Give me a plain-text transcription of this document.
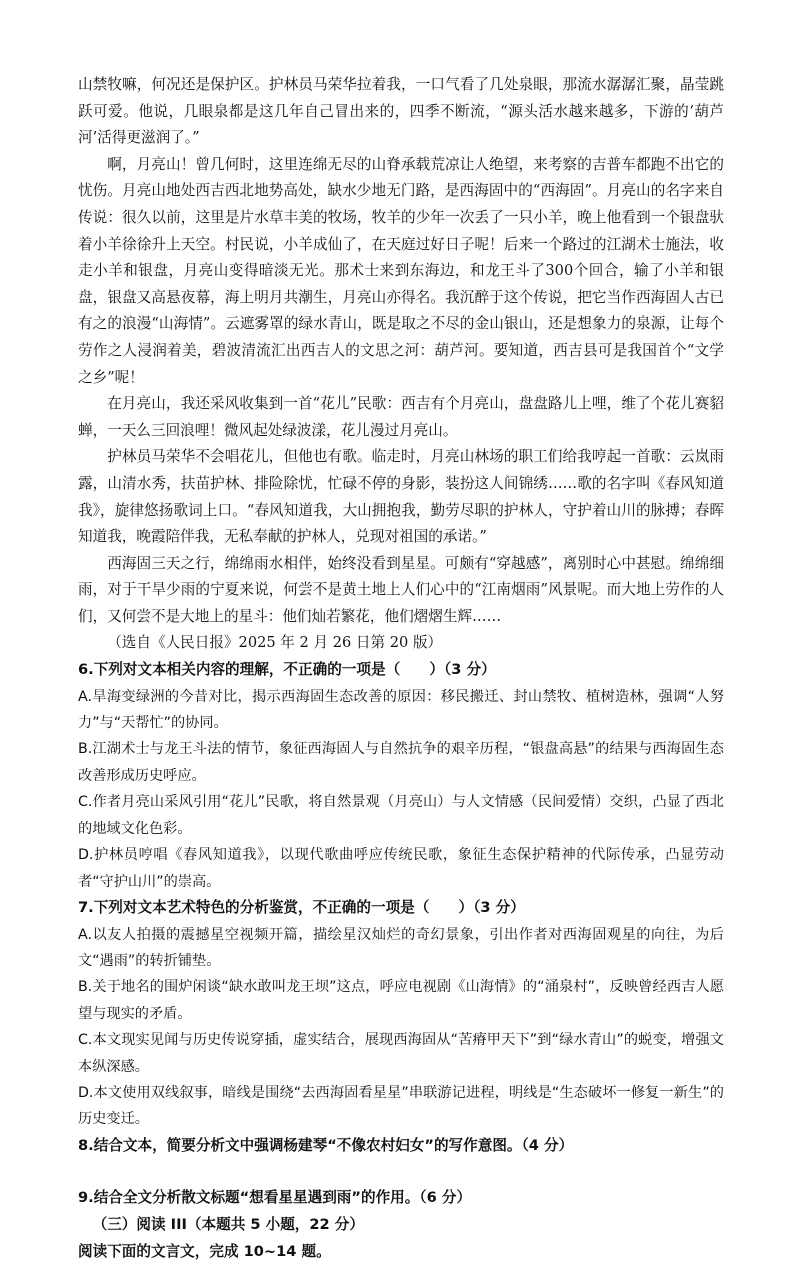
山禁牧嘛，何况还是保护区。护林员马荣华拉着我，一口气看了几处泉眼，那流水潺潺汇聚，晶莹跳跃可爱。他说，几眼泉都是这几年自己冒出来的，四季不断流，“源头活水越来越多，下游的‘葫芦河’活得更滋润了。”

啊，月亮山！曾几何时，这里连绵无尽的山脊承载荒凉让人绝望，来考察的吉普车都跑不出它的忧伤。月亮山地处西吉西北地势高处，缺水少地无门路，是西海固中的“西海固”。月亮山的名字来自传说：很久以前，这里是片水草丰美的牧场，牧羊的少年一次丢了一只小羊，晚上他看到一个银盘驮着小羊徐徐升上天空。村民说，小羊成仙了，在天庭过好日子呢！后来一个路过的江湖术士施法，收走小羊和银盘，月亮山变得暗淡无光。那术士来到东海边，和龙王斗了300个回合，输了小羊和银盘，银盘又高悬夜幕，海上明月共潮生，月亮山亦得名。我沉醉于这个传说，把它当作西海固人古已有之的浪漫“山海情”。云遮雾罩的绿水青山，既是取之不尽的金山银山，还是想象力的泉源，让每个劳作之人浸润着美，碧波清流汇出西吉人的文思之河：葫芦河。要知道，西吉县可是我国首个“文学之乡”呢！

在月亮山，我还采风收集到一首“花儿”民歌：西吉有个月亮山，盘盘路儿上哩，维了个花儿赛貂蝉，一天么三回浪哩！微风起处绿波漾，花儿漫过月亮山。

护林员马荣华不会唱花儿，但他也有歌。临走时，月亮山林场的职工们给我哼起一首歌：云岚雨露，山清水秀，扶苗护林、排险除忧，忙碌不停的身影，装扮这人间锦绣……歌的名字叫《春风知道我》，旋律悠扬歌词上口。“春风知道我，大山拥抱我，勤劳尽职的护林人，守护着山川的脉搏；春晖知道我，晚霞陪伴我，无私奉献的护林人，兑现对祖国的承诺。”

西海固三天之行，绵绵雨水相伴，始终没看到星星。可颇有“穿越感”，离别时心中甚慰。绵绵细雨，对于干旱少雨的宁夏来说，何尝不是黄土地上人们心中的“江南烟雨”风景呢。而大地上劳作的人们，又何尝不是大地上的星斗：他们灿若繁花，他们熠熠生辉……

（选自《人民日报》2025 年 2 月 26 日第 20 版）

6.下列对文本相关内容的理解，不正确的一项是（　　）（3 分）

A.旱海变绿洲的今昔对比，揭示西海固生态改善的原因：移民搬迁、封山禁牧、植树造林，强调“人努力”与“天帮忙”的协同。

B.江湖术士与龙王斗法的情节，象征西海固人与自然抗争的艰辛历程，“银盘高悬”的结果与西海固生态改善形成历史呼应。

C.作者月亮山采风引用“花儿”民歌，将自然景观（月亮山）与人文情感（民间爱情）交织，凸显了西北的地域文化色彩。

D.护林员哼唱《春风知道我》，以现代歌曲呼应传统民歌，象征生态保护精神的代际传承，凸显劳动者“守护山川”的崇高。

7.下列对文本艺术特色的分析鉴赏，不正确的一项是（　　）（3 分）

A.以友人拍摄的震撼星空视频开篇，描绘星汉灿烂的奇幻景象，引出作者对西海固观星的向往，为后文“遇雨”的转折铺垫。

B.关于地名的围炉闲谈“缺水敢叫龙王坝”这点，呼应电视剧《山海情》的“涌泉村”，反映曾经西吉人愿望与现实的矛盾。

C.本文现实见闻与历史传说穿插，虚实结合，展现西海固从“苦瘠甲天下”到“绿水青山”的蜕变，增强文本纵深感。

D.本文使用双线叙事，暗线是围绕“去西海固看星星”串联游记进程，明线是“生态破坏一修复一新生”的历史变迁。

8.结合文本，简要分析文中强调杨建琴“不像农村妇女”的写作意图。（4 分）

9.结合全文分析散文标题“想看星星遇到雨”的作用。（6 分）

（三）阅读 III（本题共 5 小题，22 分）

阅读下面的文言文，完成 10~14 题。
